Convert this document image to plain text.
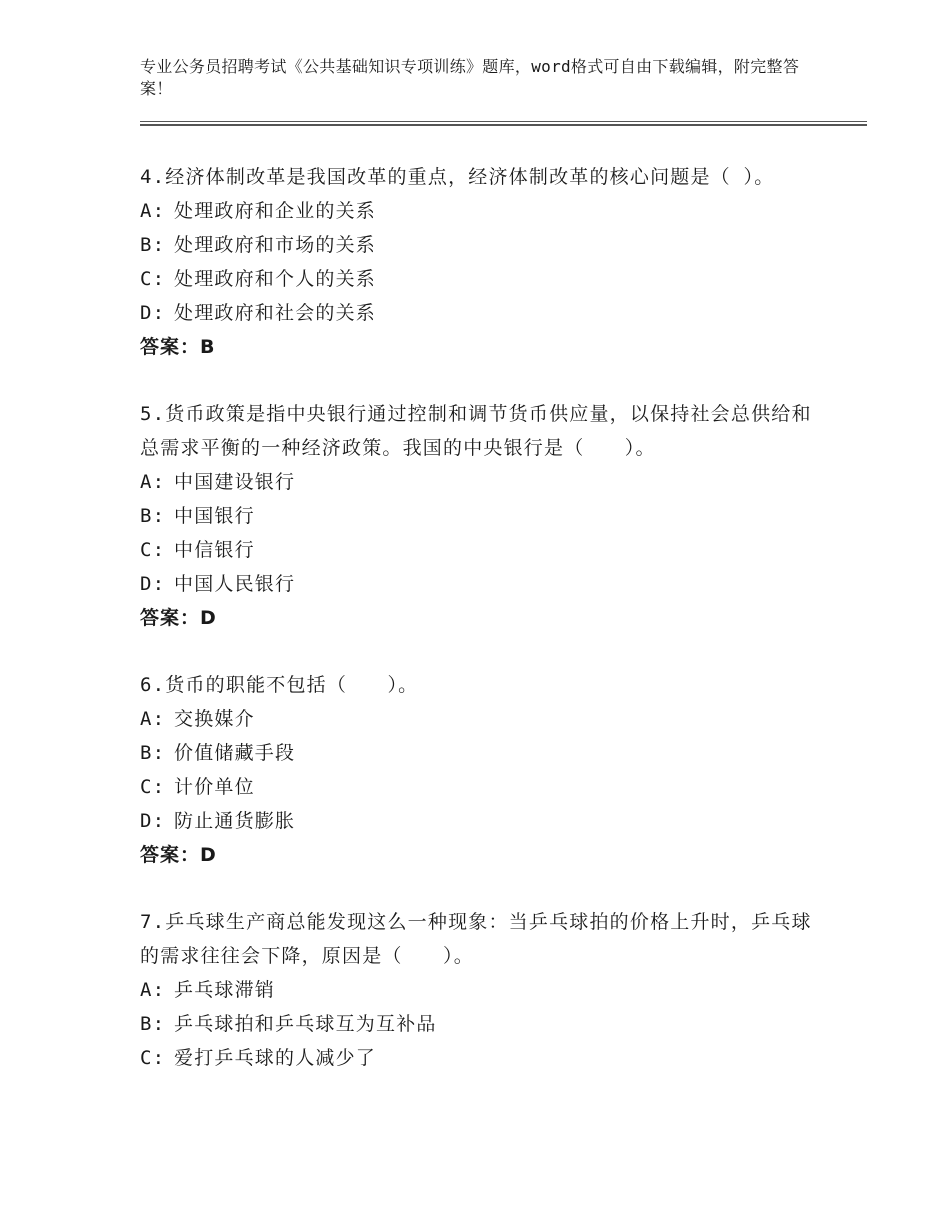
专业公务员招聘考试《公共基础知识专项训练》题库，word格式可自由下载编辑，附完整答案！

4.经济体制改革是我国改革的重点，经济体制改革的核心问题是（ ）。

A: 处理政府和企业的关系

B: 处理政府和市场的关系

C: 处理政府和个人的关系

D: 处理政府和社会的关系

答案：B

5.货币政策是指中央银行通过控制和调节货币供应量，以保持社会总供给和总需求平衡的一种经济政策。我国的中央银行是（　　）。

A: 中国建设银行

B: 中国银行

C: 中信银行

D: 中国人民银行

答案：D

6.货币的职能不包括（　　）。

A: 交换媒介

B: 价值储藏手段

C: 计价单位

D: 防止通货膨胀

答案：D

7.乒乓球生产商总能发现这么一种现象：当乒乓球拍的价格上升时，乒乓球的需求往往会下降，原因是（　　）。

A: 乒乓球滞销

B: 乒乓球拍和乒乓球互为互补品

C: 爱打乒乓球的人减少了
